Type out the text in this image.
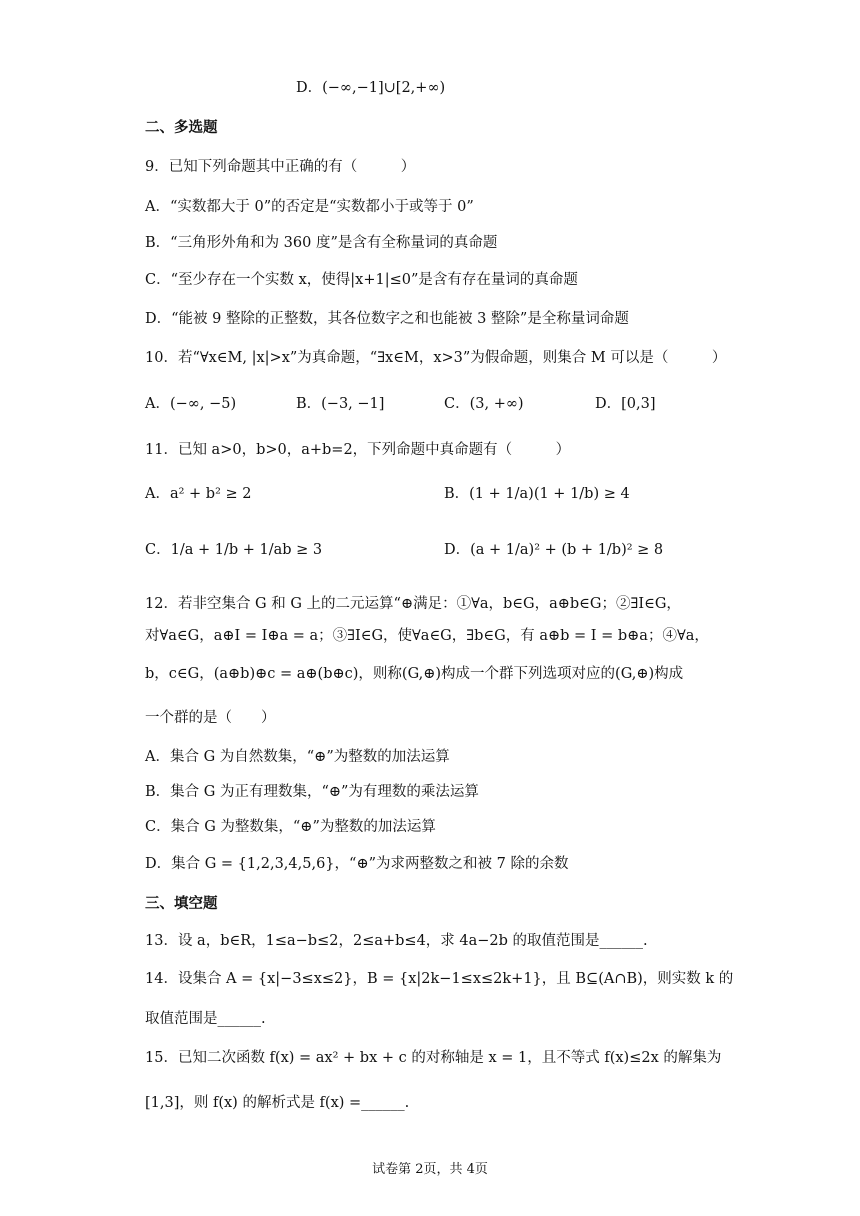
D．(−∞,−1]∪[2,+∞)
二、多选题
9．已知下列命题其中正确的有（　　　）
A．“实数都大于 0”的否定是“实数都小于或等于 0”
B．“三角形外角和为 360 度”是含有全称量词的真命题
C．“至少存在一个实数 x，使得|x+1|≤0”是含有存在量词的真命题
D．“能被 9 整除的正整数，其各位数字之和也能被 3 整除”是全称量词命题
10．若“∀x∈M, |x|>x”为真命题，“∃x∈M，x>3”为假命题，则集合 M 可以是（　　　）
A．(−∞, −5)	B．(−3, −1]	C．(3, +∞)	D．[0,3]
11．已知 a>0，b>0，a+b=2，下列命题中真命题有（　　　）
A．a² + b² ≥ 2	B．(1 + 1/a)(1 + 1/b) ≥ 4
C．1/a + 1/b + 1/ab ≥ 3	D．(a + 1/a)² + (b + 1/b)² ≥ 8
12．若非空集合 G 和 G 上的二元运算“⊕满足：①∀a，b∈G，a⊕b∈G；②∃I∈G，
对∀a∈G，a⊕I = I⊕a = a；③∃I∈G，使∀a∈G，∃b∈G，有 a⊕b = I = b⊕a；④∀a，
b，c∈G，(a⊕b)⊕c = a⊕(b⊕c)，则称(G,⊕)构成一个群下列选项对应的(G,⊕)构成
一个群的是（　　）
A．集合 G 为自然数集，“⊕”为整数的加法运算
B．集合 G 为正有理数集，“⊕”为有理数的乘法运算
C．集合 G 为整数集，“⊕”为整数的加法运算
D．集合 G = {1,2,3,4,5,6}，“⊕”为求两整数之和被 7 除的余数
三、填空题
13．设 a，b∈R，1≤a−b≤2，2≤a+b≤4，求 4a−2b 的取值范围是______.
14．设集合 A = {x|−3≤x≤2}，B = {x|2k−1≤x≤2k+1}，且 B⊆(A∩B)，则实数 k 的
取值范围是______.
15．已知二次函数 f(x) = ax² + bx + c 的对称轴是 x = 1，且不等式 f(x)≤2x 的解集为
[1,3]，则 f(x) 的解析式是 f(x) =______.
试卷第 2页，共 4页
